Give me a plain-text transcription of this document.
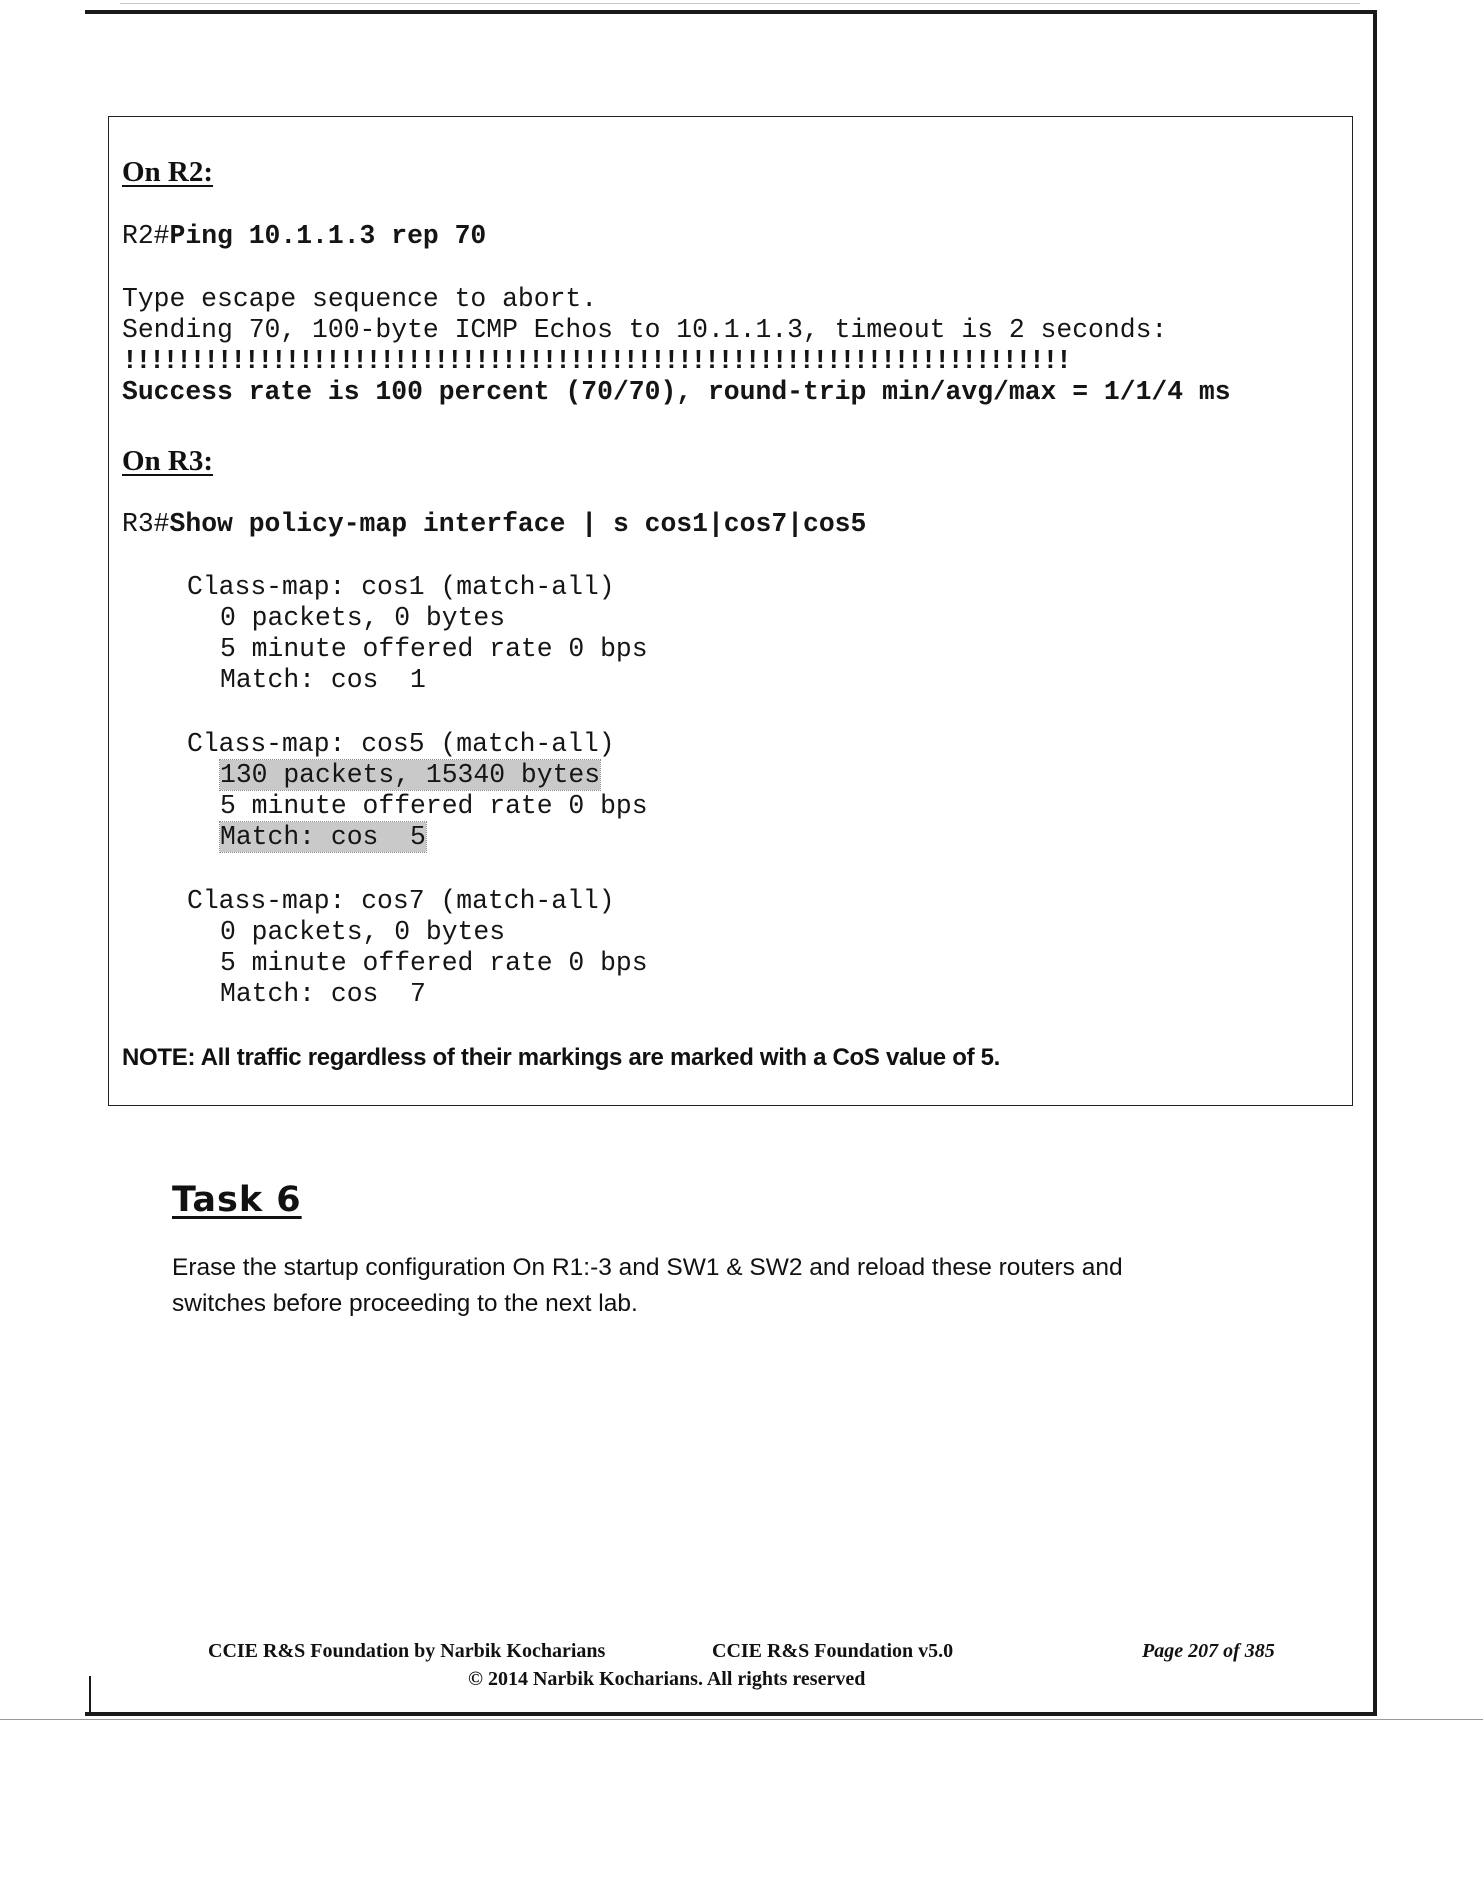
On R2:
R2#Ping 10.1.1.3 rep 70
Type escape sequence to abort.
Sending 70, 100-byte ICMP Echos to 10.1.1.3, timeout is 2 seconds:
!!!!!!!!!!!!!!!!!!!!!!!!!!!!!!!!!!!!!!!!!!!!!!!!!!!!!!!!!!!!!!!!!!!!!!
Success rate is 100 percent (70/70), round-trip min/avg/max = 1/1/4 ms
On R3:
R3#Show policy-map interface | s cos1|cos7|cos5
Class-map: cos1 (match-all)
0 packets, 0 bytes
5 minute offered rate 0 bps
Match: cos  1
Class-map: cos5 (match-all)
130 packets, 15340 bytes
5 minute offered rate 0 bps
Match: cos  5
Class-map: cos7 (match-all)
0 packets, 0 bytes
5 minute offered rate 0 bps
Match: cos  7
NOTE: All traffic regardless of their markings are marked with a CoS value of 5.
Task 6

Erase the startup configuration On R1:-3 and SW1 & SW2 and reload these routers and

switches before proceeding to the next lab.

CCIE R&S Foundation by Narbik Kocharians	CCIE R&S Foundation v5.0	Page 207 of 385
© 2014 Narbik Kocharians. All rights reserved
